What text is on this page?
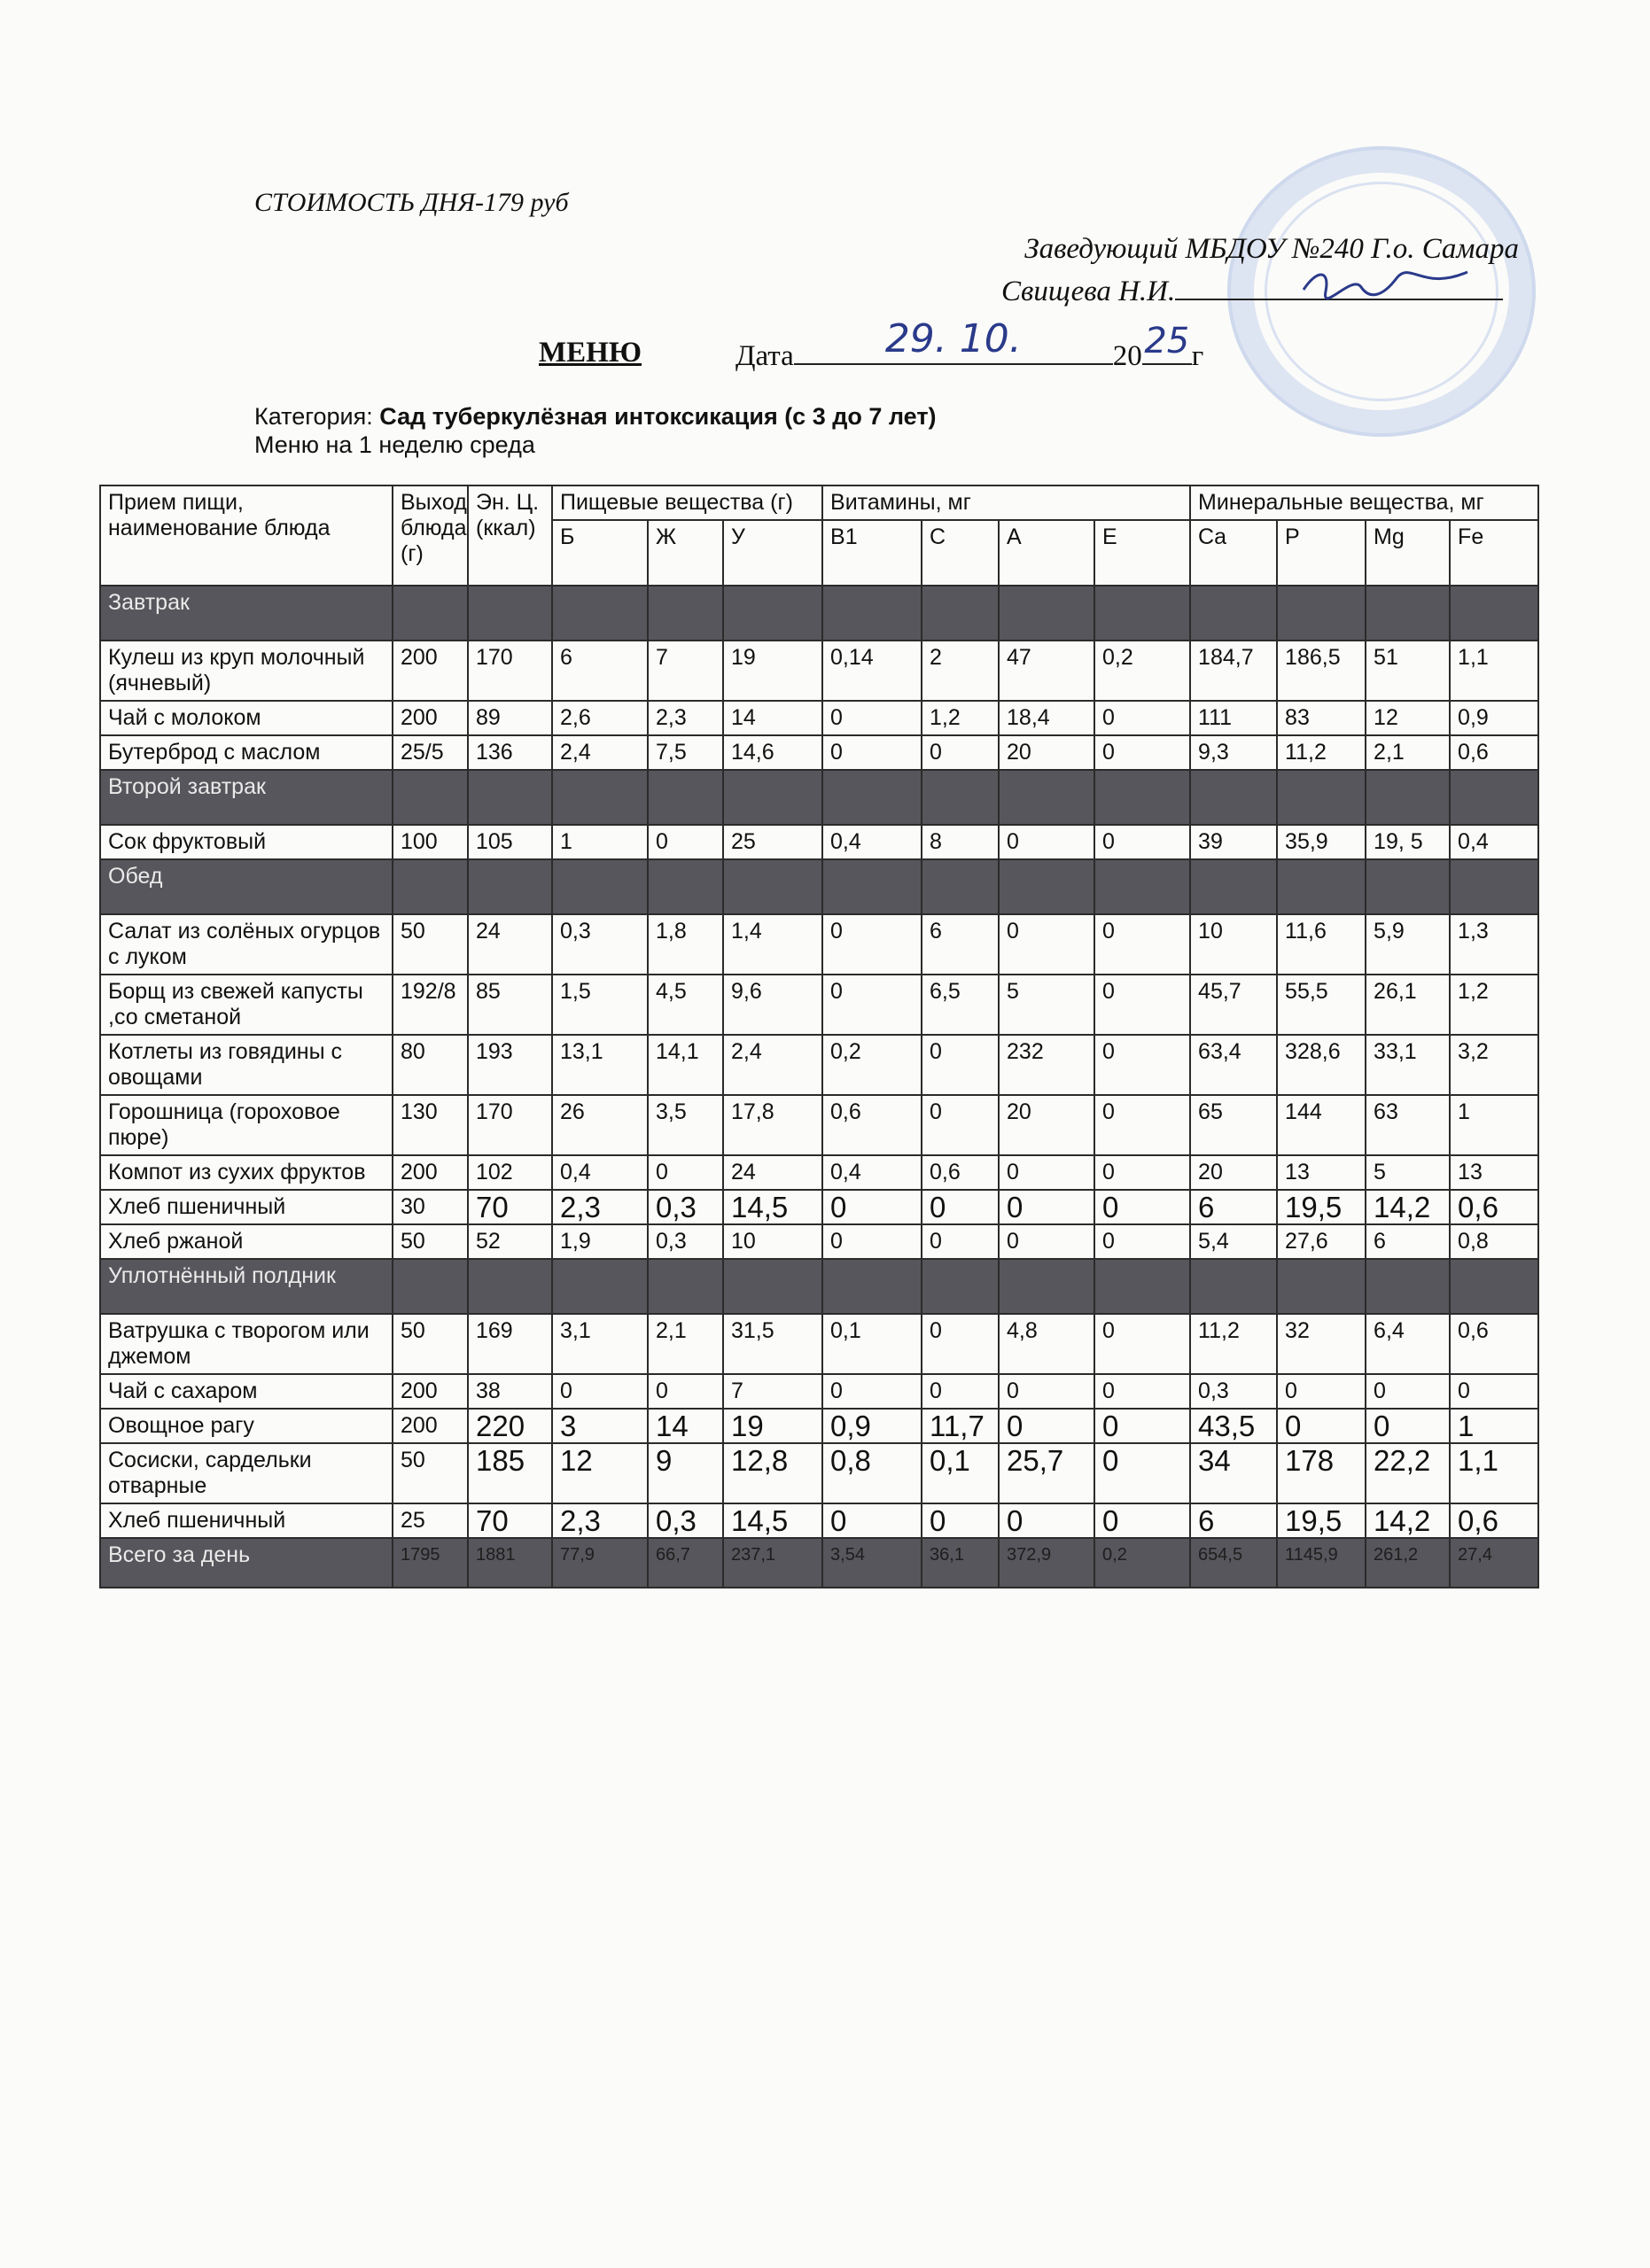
СТОИМОСТЬ ДНЯ-179 руб
Заведующий МБДОУ №240 Г.о. Самара
Свищева Н.И.
МЕНЮ	Дата	29. 10.	20 25 г
Категория: Сад туберкулёзная интоксикация (с 3 до 7 лет)
Меню на 1 неделю среда
Прием пищи, наименование блюда	Выход блюда (г)	Эн. Ц. (ккал)	Пищевые вещества (г)			Витамины, мг				Минеральные вещества, мг			
			Б	Ж	У	В1	С	А	Е	Ca	P	Mg	Fe
Завтрак													
Кулеш из круп молочный (ячневый)	200	170	6	7	19	0,14	2	47	0,2	184,7	186,5	51	1,1
Чай с молоком	200	89	2,6	2,3	14	0	1,2	18,4	0	111	83	12	0,9
Бутерброд с маслом	25/5	136	2,4	7,5	14,6	0	0	20	0	9,3	11,2	2,1	0,6
Второй завтрак													
Сок фруктовый	100	105	1	0	25	0,4	8	0	0	39	35,9	19, 5	0,4
Обед													
Салат из солёных огурцов с луком	50	24	0,3	1,8	1,4	0	6	0	0	10	11,6	5,9	1,3
Борщ из свежей капусты ,со сметаной	192/8	85	1,5	4,5	9,6	0	6,5	5	0	45,7	55,5	26,1	1,2
Котлеты из говядины с овощами	80	193	13,1	14,1	2,4	0,2	0	232	0	63,4	328,6	33,1	3,2
Горошница (гороховое пюре)	130	170	26	3,5	17,8	0,6	0	20	0	65	144	63	1
Компот из сухих фруктов	200	102	0,4	0	24	0,4	0,6	0	0	20	13	5	13
Хлеб пшеничный	30	70	2,3	0,3	14,5	0	0	0	0	6	19,5	14,2	0,6
Хлеб ржаной	50	52	1,9	0,3	10	0	0	0	0	5,4	27,6	6	0,8
Уплотнённый полдник													
Ватрушка с творогом или джемом	50	169	3,1	2,1	31,5	0,1	0	4,8	0	11,2	32	6,4	0,6
Чай с сахаром	200	38	0	0	7	0	0	0	0	0,3	0	0	0
Овощное рагу	200	220	3	14	19	0,9	11,7	0	0	43,5	0	0	1
Сосиски, сардельки отварные	50	185	12	9	12,8	0,8	0,1	25,7	0	34	178	22,2	1,1
Хлеб пшеничный	25	70	2,3	0,3	14,5	0	0	0	0	6	19,5	14,2	0,6
Всего за день	1795	1881	77,9	66,7	237,1	3,54	36,1	372,9	0,2	654,5	1145,9	261,2	27,4
